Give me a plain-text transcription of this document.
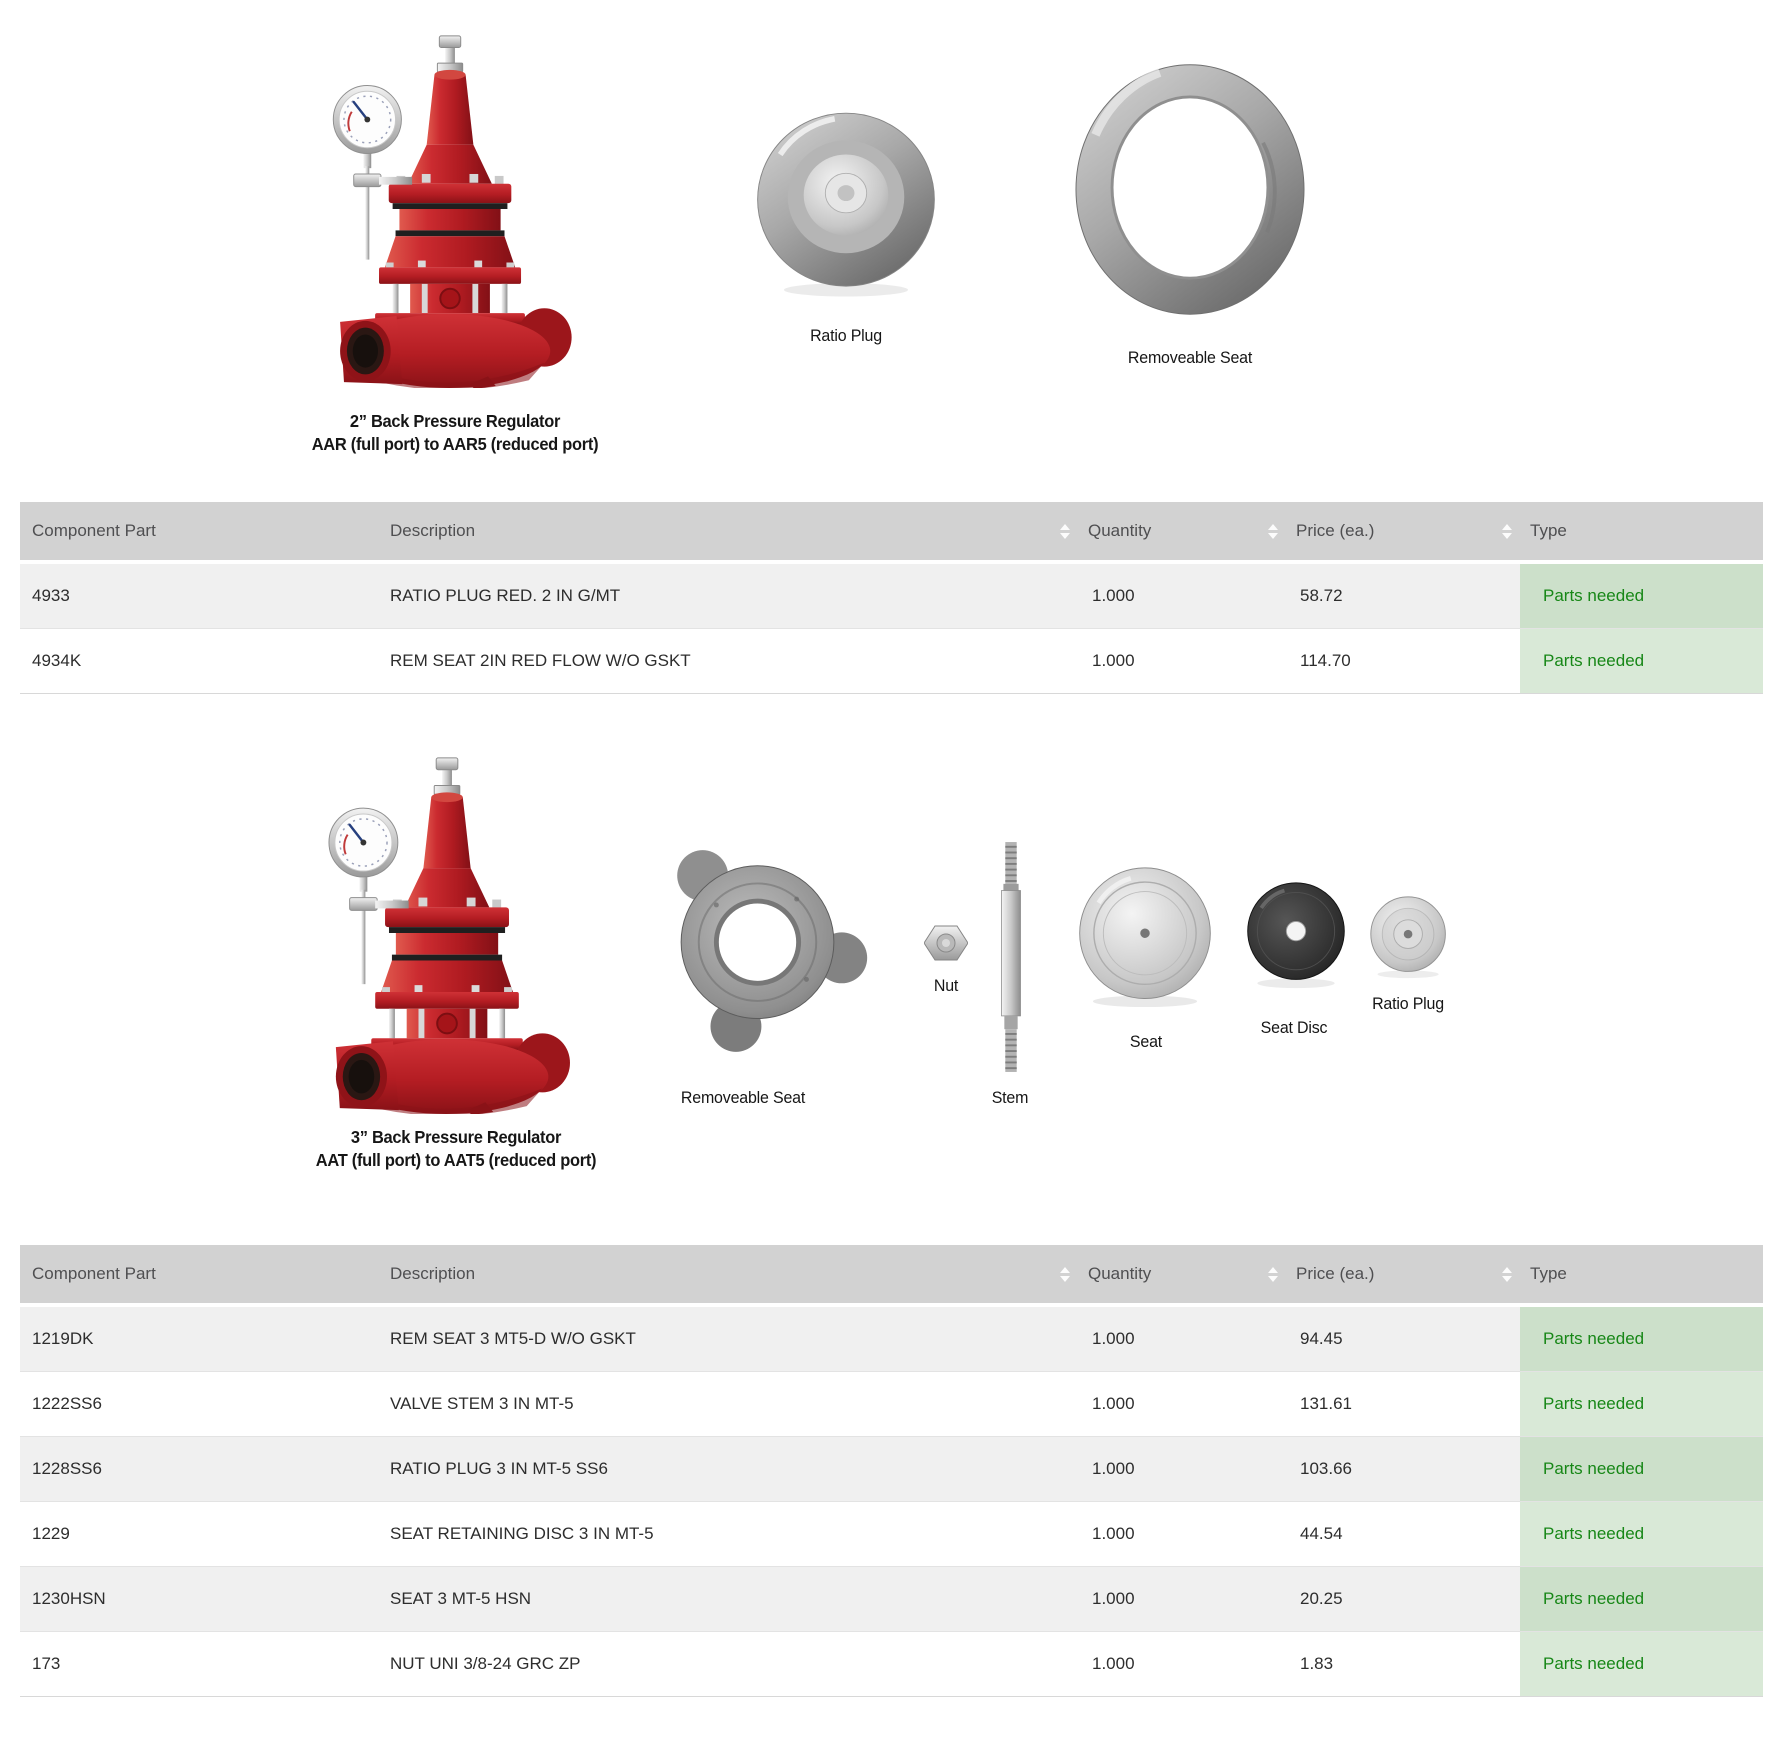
2” Back Pressure Regulator
AAR (full port) to AAR5 (reduced port)
Ratio Plug
Removeable Seat
Component Part	Description	Quantity	Price (ea.)	Type
4933	RATIO PLUG RED. 2 IN G/MT	1.000	58.72	Parts needed
4934K	REM SEAT 2IN RED FLOW W/O GSKT	1.000	114.70	Parts needed
3” Back Pressure Regulator
AAT (full port) to AAT5 (reduced port)
Removeable Seat
Nut
Stem
Seat
Seat Disc
Ratio Plug
Component Part	Description	Quantity	Price (ea.)	Type
1219DK	REM SEAT 3 MT5-D W/O GSKT	1.000	94.45	Parts needed
1222SS6	VALVE STEM 3 IN MT-5	1.000	131.61	Parts needed
1228SS6	RATIO PLUG 3 IN MT-5 SS6	1.000	103.66	Parts needed
1229	SEAT RETAINING DISC 3 IN MT-5	1.000	44.54	Parts needed
1230HSN	SEAT 3 MT-5 HSN	1.000	20.25	Parts needed
173	NUT UNI 3/8-24 GRC ZP	1.000	1.83	Parts needed
